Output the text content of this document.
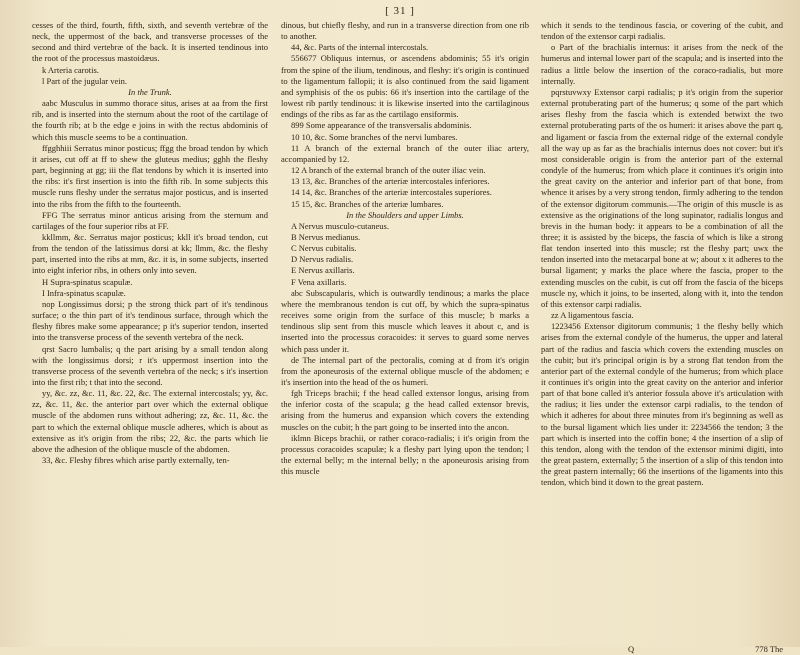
[ 31 ]

cesses of the third, fourth, fifth, sixth, and seventh vertebræ of the neck, the uppermost of the back, and transverse processes of the second and third vertebræ of the back. It is inserted tendinous into the root of the processus mastoidæus.

k Arteria carotis.

l Part of the jugular vein.

In the Trunk.

aabc Musculus in summo thorace situs, arises at aa from the first rib, and is inserted into the sternum about the root of the cartilage of the fourth rib; at b the edge e joins in with the rectus abdominis of which this muscle seems to be a continuation.

ffgghhiii Serratus minor posticus; ffgg the broad tendon by which it arises, cut off at ff to shew the gluteus medius; gghh the fleshy part, beginning at gg; iii the flat tendons by which it is inserted into the ribs: it's first insertion is into the fifth rib. In some subjects this muscle runs fleshy under the serratus major posticus, and is inserted into the ribs from the fifth to the fourteenth.

FFG The serratus minor anticus arising from the sternum and cartilages of the four superior ribs at FF.

kkllmm, &c. Serratus major posticus; kkll it's broad tendon, cut from the tendon of the latissimus dorsi at kk; llmm, &c. the fleshy part, inserted into the ribs at mm, &c. it is, in some subjects, inserted into eight inferior ribs, in others only into seven.

H Supra-spinatus scapulæ.

I Infra-spinatus scapulæ.

nop Longissimus dorsi; p the strong thick part of it's tendinous surface; o the thin part of it's tendinous surface, through which the fleshy fibres make some appearance; p it's superior tendon, inserted into the transverse process of the seventh vertebra of the neck.

qrst Sacro lumbalis; q the part arising by a small tendon along with the longissimus dorsi; r it's uppermost insertion into the transverse process of the seventh vertebra of the neck; s it's insertion into the first rib; t that into the second.

yy, &c. zz, &c. 11, &c. 22, &c. The external intercostals; yy, &c. zz, &c. 11, &c. the anterior part over which the external oblique muscle of the abdomen runs without adhering; zz, &c. 11, &c. the part to which the external oblique muscle adheres, which is about as extensive as it's origin from the ribs; 22, &c. the parts which lie above the adhesion of the oblique muscle of the abdomen.

33, &c. Fleshy fibres which arise partly externally, ten-

dinous, but chiefly fleshy, and run in a transverse direction from one rib to another.

44, &c. Parts of the internal intercostals.

556677 Obliquus internus, or ascendens abdominis; 55 it's origin from the spine of the ilium, tendinous, and fleshy: it's origin is continued to the ligamentum fallopii; it is also continued from the said ligament and symphisis of the os pubis: 66 it's insertion into the cartilage of the lowest rib partly tendinous: it is likewise inserted into the cartilaginous endings of the ribs as far as the cartilago ensiformis.

899 Some appearance of the transversalis abdominis.

10 10, &c. Some branches of the nervi lumbares.

11 A branch of the external branch of the outer iliac artery, accompanied by 12.

12 A branch of the external branch of the outer iliac vein.

13 13, &c. Branches of the arteriæ intercostales inferiores.

14 14, &c. Branches of the arteriæ intercostales superiores.

15 15, &c. Branches of the arteriæ lumbares.

In the Shoulders and upper Limbs.

A Nervus musculo-cutaneus.

B Nervus medianus.

C Nervus cubitalis.

D Nervus radialis.

E Nervus axillaris.

F Vena axillaris.

abc Subscapularis, which is outwardly tendinous; a marks the place where the membranous tendon is cut off, by which the supra-spinatus receives some origin from the surface of this muscle; b marks a tendinous slip sent from this muscle which leaves it about c, and is inserted into the processus coracoides: it serves to guard some nerves which pass under it.

de The internal part of the pectoralis, coming at d from it's origin from the aponeurosis of the external oblique muscle of the abdomen; e it's insertion into the head of the os humeri.

fgh Triceps brachii; f the head called extensor longus, arising from the inferior costa of the scapula; g the head called extensor brevis, arising from the humerus and expansion which covers the extending muscles on the cubit; h the part going to be inserted into the ancon.

iklmn Biceps brachii, or rather coraco-radialis; i it's origin from the processus coracoides scapulæ; k a fleshy part lying upon the tendon; l the external belly; m the internal belly; n the aponeurosis arising from this muscle

which it sends to the tendinous fascia, or covering of the cubit, and tendon of the extensor carpi radialis.

o Part of the brachialis internus: it arises from the neck of the humerus and internal lower part of the scapula; and is inserted into the radius a little below the insertion of the coraco-radialis, but more internally.

pqrstuvwxy Extensor carpi radialis; p it's origin from the superior external protuberating part of the humerus; q some of the part which arises fleshy from the fascia which is extended betwixt the two external protuberating parts of the os humeri: it arises above the part q, and ligament or fascia from the external ridge of the external condyle all the way up as far as the brachialis internus does not cover: but it's most considerable origin is from the anterior part of the external condyle of the humerus; from which place it continues it's origin into the great cavity on the anterior and inferior part of that bone, from whence it arises by a very strong tendon, firmly adhering to the tendon of the extensor digitorum communis.—The origin of this muscle is as extensive as the originations of the long supinator, radialis longus and brevis in the human body: it appears to be a combination of all the three; it is assisted by the biceps, the fascia of which is like a strong flat tendon inserted into this muscle; rst the fleshy part; uwx the tendon inserted into the metacarpal bone at w; about x it adheres to the bursal ligament; y marks the place where the fascia, proper to the extending muscles on the cubit, is cut off from the fascia of the biceps muscle ny, which it joins, to be inserted, along with it, into the tendon of this extensor carpi radialis.

zz A ligamentous fascia.

1223456 Extensor digitorum communis; 1 the fleshy belly which arises from the external condyle of the humerus, the upper and lateral part of the radius and fascia which covers the extending muscles on the cubit; but it's principal origin is by a strong flat tendon from the anterior part of the external condyle of the humerus; from which place it continues it's origin into the great cavity on the anterior and inferior part of that bone called it's anterior fossula above it's articulation with the radius; it lies under the extensor carpi radialis, to the tendon of which it adheres for about three minutes from it's beginning as well as to the bursal ligament which lies under it: 2234566 the tendon; 3 the part which is inserted into the coffin bone; 4 the insertion of a slip of this tendon, along with the tendon of the extensor minimi digiti, into the great pastern, externally; 5 the insertion of a slip of this tendon into the great pastern internally; 66 the insertions of the ligaments into this tendon, which bind it down to the great pastern.

Q	778 The
